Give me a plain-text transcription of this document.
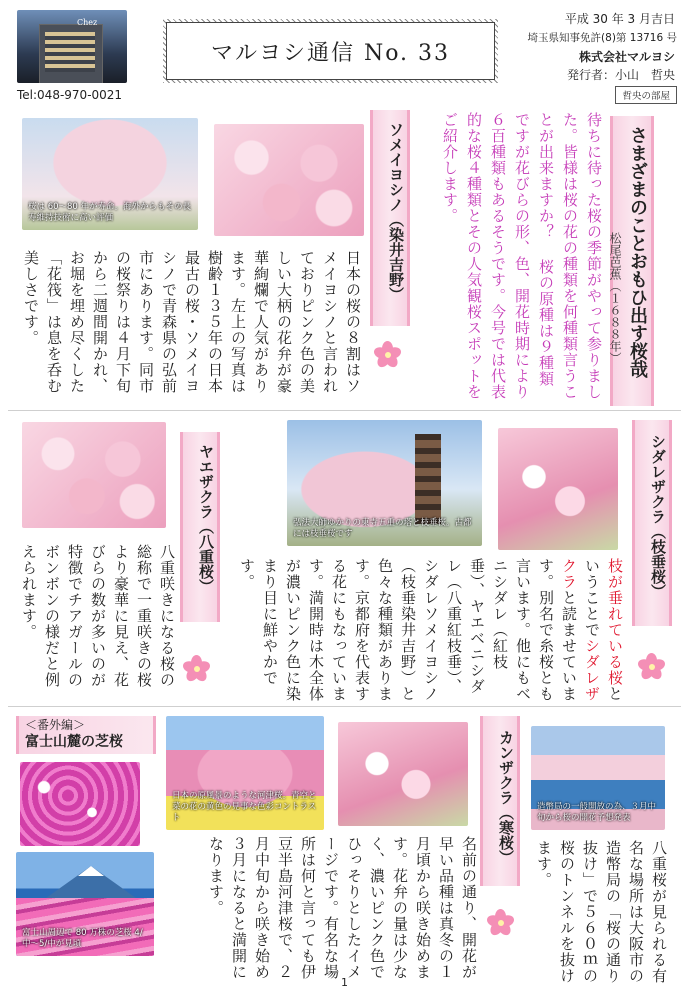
Chez
Tel:048-970-0021
マルヨシ通信 No. 33
平成 30 年 3 月吉日
埼玉県知事免許(8)第 13716 号
株式会社マルヨシ
発行者：小山　哲央
哲央の部屋
さまざまのことおもひ出す桜哉
松尾芭蕉（１６８８年）
待ちに待った桜の季節がやって参りました。皆様は桜の花の種類を何種類言うことが出来ますか？ 桜の原種は９種類ですが花びらの形、色、開花時期により６百種類もあるそうです。今号では代表的な桜４種類とその人気観桜スポットをご紹介します。
ソメイヨシノ（染井吉野）
日本の桜の８割はソメイヨシノと言われておりピンク色の美しい大柄の花弁が豪華絢爛で人気があります。左上の写真は樹齢１３５年の日本最古の桜・ソメイヨシノで青森県の弘前市にあります。同市の桜祭りは４月下旬から二週間開かれ、お堀を埋め尽くした「花筏」は息を呑む美しさです。
桜は 60～80 年が寿命。海外からもその長寿維持技術に高い評価
シダレザクラ（枝垂桜）
枝が垂れている桜ということでシダレザクラと読ませています。別名で糸桜とも言います。他にもベニシダレ（紅枝垂）、ヤエベニシダレ（八重紅枝垂）、シダレソメイヨシノ（枝垂染井吉野）と色々な種類があります。京都府を代表する花にもなっています。満開時は木全体が濃いピンク色に染まり目に鮮やかです。
弘法大師ゆかりの東寺五重の塔と枝垂桜。古都には枝垂桜です
ヤエザクラ（八重桜）
八重咲きになる桜の総称で一重咲きの桜より豪華に見え、花びらの数が多いのが特徴でチアガールのボンボンの様だと例えられます。
＜番外編＞
富士山麓の芝桜
富士山周辺で 80 万株の芝桜 4/中～5/中が見頃
日本の原風景のような河津桜。青空と菜の花の黄色の見事な色彩コントラスト	カンザクラ（寒桜）
名前の通り、開花が早い品種は真冬の１月頃から咲き始めます。花弁の量は少なく、濃いピンク色でひっそりとしたイメージです。有名な場所は何と言っても伊豆半島河津桜で、２月中旬から咲き始め３月になると満開になります。
造幣局の一般開放の為、３月中旬から桜の開花予想発表
八重桜が見られる有名な場所は大阪市の造幣局の「桜の通り抜け」で５６０ｍの桜のトンネルを抜けます。
1
